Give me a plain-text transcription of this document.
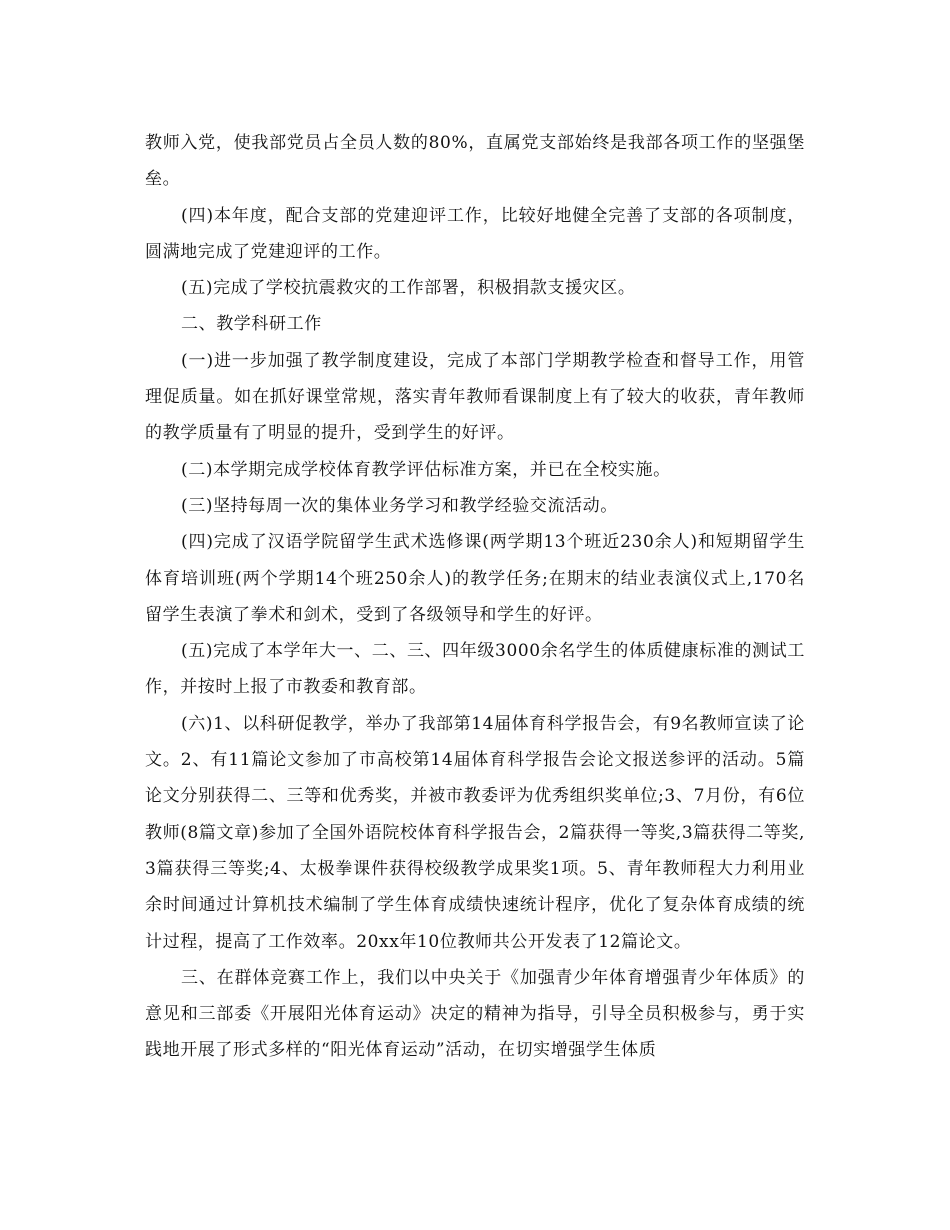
教师入党，使我部党员占全员人数的80%，直属党支部始终是我部各项工作的坚强堡垒。

(四)本年度，配合支部的党建迎评工作，比较好地健全完善了支部的各项制度，圆满地完成了党建迎评的工作。

(五)完成了学校抗震救灾的工作部署，积极捐款支援灾区。

二、教学科研工作

(一)进一步加强了教学制度建设，完成了本部门学期教学检查和督导工作，用管理促质量。如在抓好课堂常规，落实青年教师看课制度上有了较大的收获，青年教师的教学质量有了明显的提升，受到学生的好评。

(二)本学期完成学校体育教学评估标准方案，并已在全校实施。

(三)坚持每周一次的集体业务学习和教学经验交流活动。

(四)完成了汉语学院留学生武术选修课(两学期13个班近230余人)和短期留学生体育培训班(两个学期14个班250余人)的教学任务;在期末的结业表演仪式上,170名留学生表演了拳术和剑术，受到了各级领导和学生的好评。

(五)完成了本学年大一、二、三、四年级3000余名学生的体质健康标准的测试工作，并按时上报了市教委和教育部。

(六)1、以科研促教学，举办了我部第14届体育科学报告会，有9名教师宣读了论文。2、有11篇论文参加了市高校第14届体育科学报告会论文报送参评的活动。5篇论文分别获得二、三等和优秀奖，并被市教委评为优秀组织奖单位;3、7月份，有6位教师(8篇文章)参加了全国外语院校体育科学报告会，2篇获得一等奖,3篇获得二等奖,3篇获得三等奖;4、太极拳课件获得校级教学成果奖1项。5、青年教师程大力利用业余时间通过计算机技术编制了学生体育成绩快速统计程序，优化了复杂体育成绩的统计过程，提高了工作效率。20xx年10位教师共公开发表了12篇论文。

三、在群体竞赛工作上，我们以中央关于《加强青少年体育增强青少年体质》的意见和三部委《开展阳光体育运动》决定的精神为指导，引导全员积极参与，勇于实践地开展了形式多样的“阳光体育运动”活动，在切实增强学生体质
